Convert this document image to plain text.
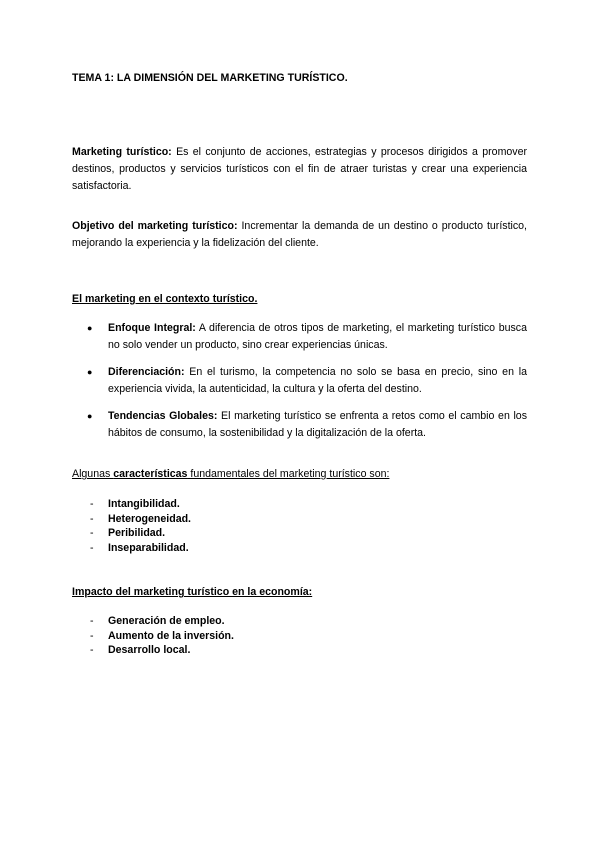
TEMA 1: LA DIMENSIÓN DEL MARKETING TURÍSTICO.
Marketing turístico: Es el conjunto de acciones, estrategias y procesos dirigidos a promover destinos, productos y servicios turísticos con el fin de atraer turistas y crear una experiencia satisfactoria.
Objetivo del marketing turístico: Incrementar la demanda de un destino o producto turístico, mejorando la experiencia y la fidelización del cliente.
El marketing en el contexto turístico.
● Enfoque Integral: A diferencia de otros tipos de marketing, el marketing turístico busca no solo vender un producto, sino crear experiencias únicas.
● Diferenciación: En el turismo, la competencia no solo se basa en precio, sino en la experiencia vivida, la autenticidad, la cultura y la oferta del destino.
● Tendencias Globales: El marketing turístico se enfrenta a retos como el cambio en los hábitos de consumo, la sostenibilidad y la digitalización de la oferta.
Algunas características fundamentales del marketing turístico son:
- Intangibilidad.
- Heterogeneidad.
- Peribilidad.
- Inseparabilidad.
Impacto del marketing turístico en la economía:
- Generación de empleo.
- Aumento de la inversión.
- Desarrollo local.
